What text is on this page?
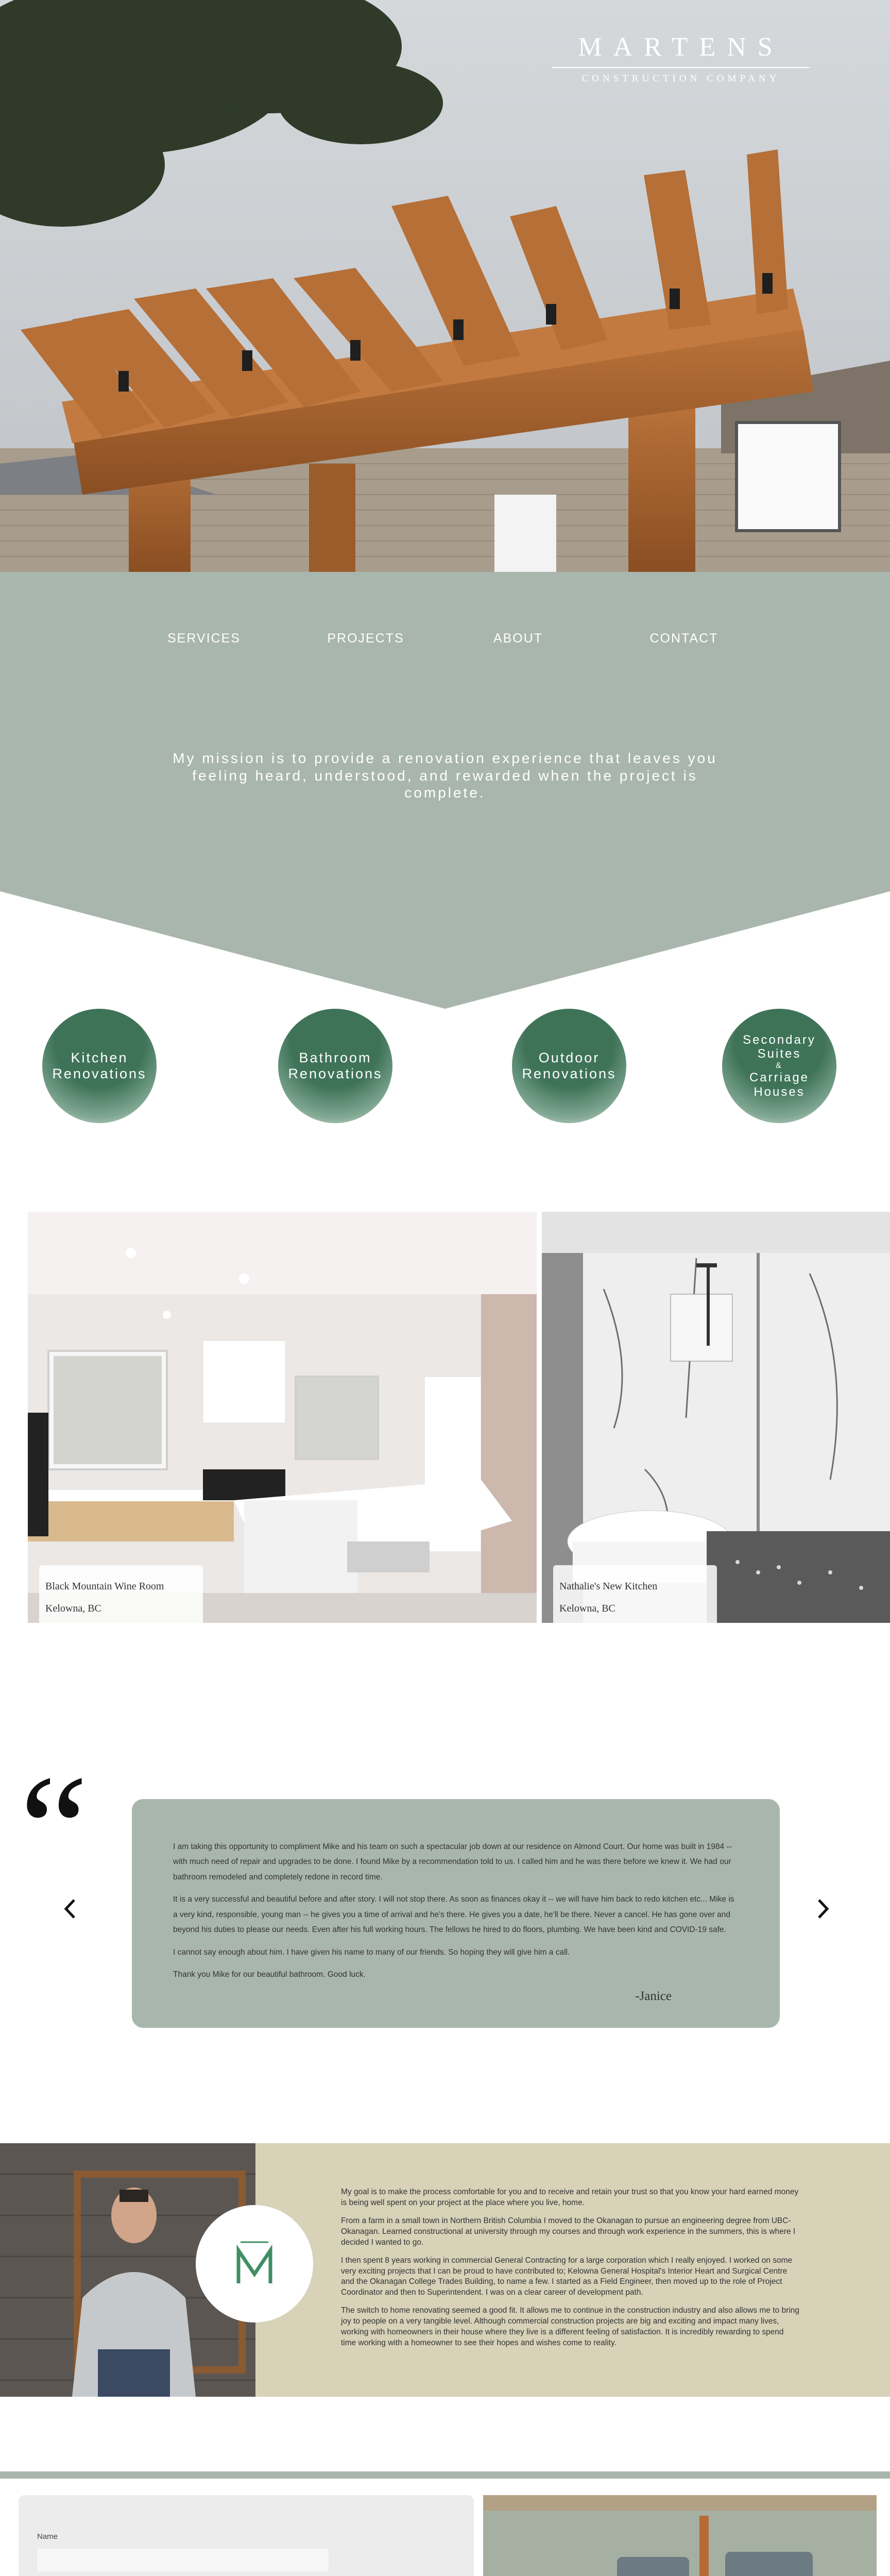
MARTENS
CONSTRUCTION COMPANY
SERVICES	PROJECTS	ABOUT	CONTACT
My mission is to provide a renovation experience that leaves you feeling heard, understood, and rewarded when the project is complete.
Kitchen
Renovations
Bathroom
Renovations
Outdoor
Renovations
Secondary
Suites
&
Carriage
Houses
Black Mountain Wine Room
Kelowna, BC
Nathalie's New Kitchen
Kelowna, BC
“	I am taking this opportunity to compliment Mike and his team on such a spectacular job down at our residence on Almond Court. Our home was built in 1984 -- with much need of repair and upgrades to be done. I found Mike by a recommendation told to us. I called him and he was there before we knew it. We had our bathroom remodeled and completely redone in record time.

It is a very successful and beautiful before and after story. I will not stop there. As soon as finances okay it -- we will have him back to redo kitchen etc... Mike is a very kind, responsible, young man -- he gives you a time of arrival and he's there. He gives you a date, he'll be there. Never a cancel. He has gone over and beyond his duties to please our needs. Even after his full working hours. The fellows he hired to do floors, plumbing. We have been kind and COVID-19 safe.

I cannot say enough about him. I have given his name to many of our friends. So hoping they will give him a call.

Thank you Mike for our beautiful bathroom. Good luck.

-Janice

My goal is to make the process comfortable for you and to receive and retain your trust so that you know your hard earned money is being well spent on your project at the place where you live, home.

From a farm in a small town in Northern British Columbia I moved to the Okanagan to pursue an engineering degree from UBC-Okanagan. Learned constructional at university through my courses and through work experience in the summers, this is where I decided I wanted to go.

I then spent 8 years working in commercial General Contracting for a large corporation which I really enjoyed. I worked on some very exciting projects that I can be proud to have contributed to; Kelowna General Hospital's Interior Heart and Surgical Centre and the Okanagan College Trades Building, to name a few. I started as a Field Engineer, then moved up to the role of Project Coordinator and then to Superintendent. I was on a clear career of development path.

The switch to home renovating seemed a good fit. It allows me to continue in the construction industry and also allows me to bring joy to people on a very tangible level. Although commercial construction projects are big and exciting and impact many lives, working with homeowners in their house where they live is a different feeling of satisfaction. It is incredibly rewarding to spend time working with a homeowner to see their hopes and wishes come to reality.

Name
